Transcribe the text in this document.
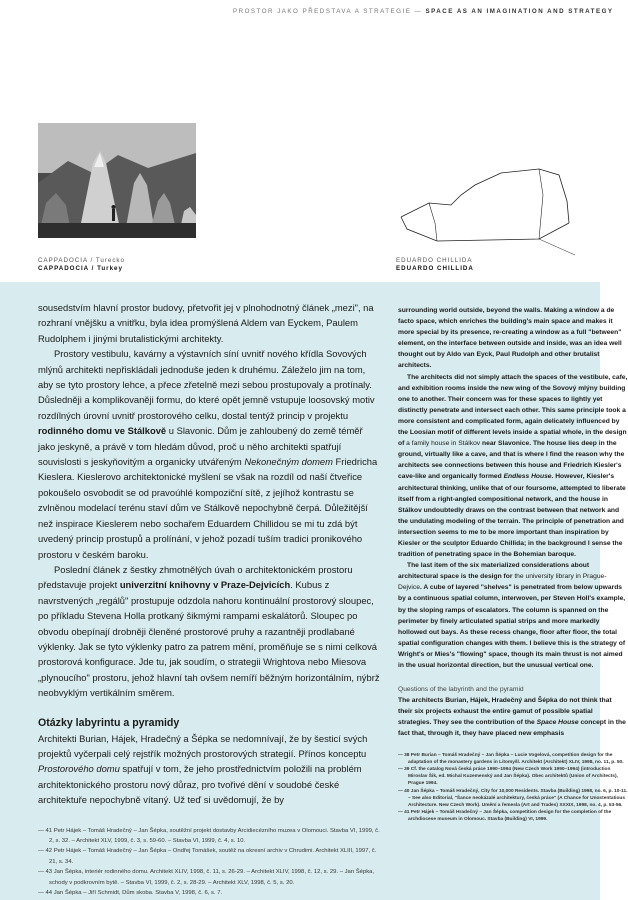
PROSTOR JAKO PŘEDSTAVA A STRATEGIE — SPACE AS AN IMAGINATION AND STRATEGY
CAPPADOCIA / Turecko
CAPPADOCIA / Turkey
EDUARDO CHILLIDA
EDUARDO CHILLIDA

sousedstvím hlavní prostor budovy, přetvořit jej v plnohodnotný článek „mezi", na rozhraní vnějšku a vnitřku, byla idea promýšlená Aldem van Eyckem, Paulem Rudolphem i jinými brutalistickými architekty.

Prostory vestibulu, kavárny a výstavních síní uvnitř nového křídla Sovových mlýnů architekti nepřiskládali jednoduše jeden k druhému. Záleželo jim na tom, aby se tyto prostory lehce, a přece zřetelně mezi sebou prostupovaly a protínaly. Důsledněji a komplikovaněji formu, do které opět jemně vstupuje loosovský motiv rozdílných úrovní uvnitř prostorového celku, dostal tentýž princip v projektu rodinného domu ve Stálkově u Slavonic. Dům je zahloubený do země téměř jako jeskyně, a právě v tom hledám důvod, proč u něho architekti spatřují souvislosti s jeskyňovitým a organicky utvářeným Nekonečným domem Friedricha Kieslera. Kieslerovo architektonické myšlení se však na rozdíl od naší čtveřice pokoušelo osvobodit se od pravoúhlé kompoziční sítě, z jejíhož kontrastu se zvlněnou modelací terénu staví dům ve Stálkově nepochybně čerpá. Důležitější než inspirace Kieslerem nebo sochařem Eduardem Chillidou se mi tu zdá být uvedený princip prostupů a prolínání, v jehož pozadí tuším tradici pronikového prostoru v českém baroku.

Poslední článek z šestky zhmotnělých úvah o architektonickém prostoru představuje projekt univerzitní knihovny v Praze-Dejvicích. Kubus z navrstvených „regálů" prostupuje odzdola nahoru kontinuální prostorový sloupec, po příkladu Stevena Holla protkaný šikmými rampami eskalátorů. Sloupec po obvodu obepínají drobněji členěné prostorové pruhy a razantněji prodlabané výklenky. Jak se tyto výklenky patro za patrem mění, proměňuje se s nimi celková prostorová konfigurace. Jde tu, jak soudím, o strategii Wrightova nebo Miesova „plynoucího" prostoru, jehož hlavní tah ovšem nemíří běžným horizontálním, nýbrž neobvyklým vertikálním směrem.

Otázky labyrintu a pyramidy

Architekti Burian, Hájek, Hradečný a Šépka se nedomnívají, že by šesticí svých projektů vyčerpali celý rejstřík možných prostorových strategií. Přínos konceptu Prostorového domu spatřují v tom, že jeho prostřednictvím položili na problém architektonického prostoru nový důraz, pro tvořivé dění v soudobé české architektuře nepochybně vítaný. Už teď si uvědomují, že by

— 41 Petr Hájek – Tomáš Hradečný – Jan Šépka, soutěžní projekt dostavby Arcidiecézního muzea v Olomouci. Stavba VI, 1999, č. 2, s. 32. – Architekt XLV, 1999, č. 3, s. 59-60. – Stavba VI, 1999, č. 4, s. 10.
— 42 Petr Hájek – Tomáš Hradečný – Jan Šépka – Ondřej Tomášek, soutěž na okresní archiv v Chrudimi. Architekt XLIII, 1997, č. 21, s. 34.
— 43 Jan Šépka, interiér rodinného domu. Architekt XLIV, 1998, č. 11, s. 26-29. – Architekt XLIV, 1998, č. 12, s. 29. – Jan Šépka, schody v podkrovním bytě. – Stavba VI, 1999, č. 2, s. 28-29. – Architekt XLV, 1998, č. 5, s. 20.
— 44 Jan Šépka – Jiří Schmidt, Dům skoba. Stavba V, 1998, č. 6, s. 7.

surrounding world outside, beyond the walls. Making a window a de facto space, which enriches the building's main space and makes it more special by its presence, re-creating a window as a full "between" element, on the interface between outside and inside, was an idea well thought out by Aldo van Eyck, Paul Rudolph and other brutalist architects.

The architects did not simply attach the spaces of the vestibule, cafe, and exhibition rooms inside the new wing of the Sovový mlýny building one to another. Their concern was for these spaces to lightly yet distinctly penetrate and intersect each other. This same principle took a more consistent and complicated form, again delicately influenced by the Loosian motif of different levels inside a spatial whole, in the design of a family house in Stálkov near Slavonice. The house lies deep in the ground, virtually like a cave, and that is where I find the reason why the architects see connections between this house and Friedrich Kiesler's cave-like and organically formed Endless House. However, Kiesler's architectural thinking, unlike that of our foursome, attempted to liberate itself from a right-angled compositional network, and the house in Stálkov undoubtedly draws on the contrast between that network and the undulating modeling of the terrain. The principle of penetration and intersection seems to me to be more important than inspiration by Kiesler or the sculptor Eduardo Chillida; in the background I sense the tradition of penetrating space in the Bohemian baroque.

The last item of the six materialized considerations about architectural space is the design for the university library in Prague-Dejvice. A cube of layered "shelves" is penetrated from below upwards by a continuous spatial column, interwoven, per Steven Holl's example, by the sloping ramps of escalators. The column is spanned on the perimeter by finely articulated spatial strips and more markedly hollowed out bays. As these recess change, floor after floor, the total spatial configuration changes with them. I believe this is the strategy of Wright's or Mies's "flowing" space, though its main thrust is not aimed in the usual horizontal direction, but the unusual vertical one.

Questions of the labyrinth and the pyramid

The architects Burian, Hájek, Hradečný and Šépka do not think that their six projects exhaust the entire gamut of possible spatial strategies. They see the contribution of the Space House concept in the fact that, through it, they have placed new emphasis

— 38 Petr Burian – Tomáš Hradečný – Jan Šépka – Lucie Vogelová, competition design for the adaptation of the monastery gardens in Litomyšl. Architekt (Architekt) XLIV, 1998, no. 11, p. 50.
— 39 Cf. the catalog Nová česká práce 1990–1994 (New Czech Work 1990–1994) (introduction Miroslav Šik, ed. Michal Kuzemenský and Jan Šépka). Obec architektů (Union of Architects), Prague 1994.
— 40 Jan Šépka – Tomáš Hradečný, City for 10,000 Residents. Stavba (Building) 1998, no. 6, p. 10-11. – See also Editorial, "Šance neokázalé architektury, česká práce" (A Chance for Unostentatious Architecture. New Czech Work). Umění a řemesla (Art and Trades) XXXIX, 1998, no. 4, p. 53-56.
— 41 Petr Hájek – Tomáš Hradečný – Jan Šépka, competition design for the completion of the archdiocese museum in Olomouc. Stavba (Building) VI, 1999.
